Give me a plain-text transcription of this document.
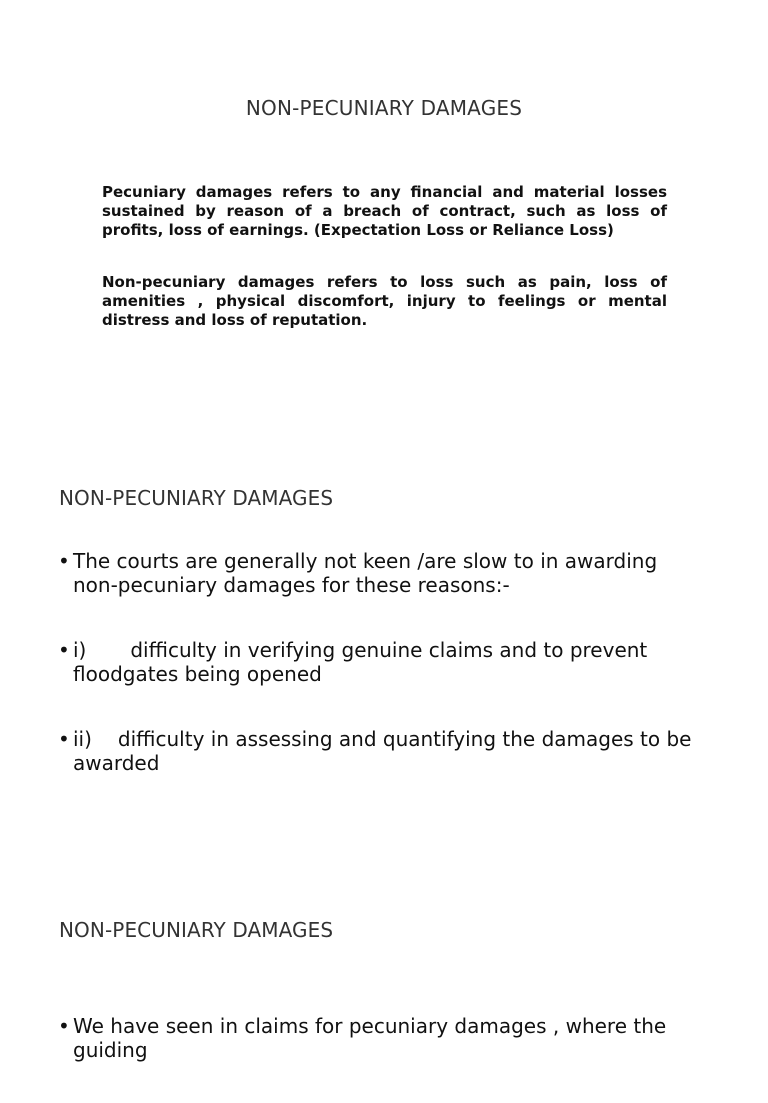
NON-PECUNIARY DAMAGES

Pecuniary damages refers to any financial and material losses sustained by reason of a breach of contract, such as loss of profits, loss of earnings. (Expectation Loss or Reliance Loss)

Non-pecuniary damages refers to loss such as pain, loss of amenities , physical discomfort, injury to feelings or mental distress and loss of reputation.

NON-PECUNIARY DAMAGES
• The courts are generally not keen /are slow to in awarding non-pecuniary damages for these reasons:-
• i) difficulty in verifying genuine claims and to prevent floodgates being opened
• ii) difficulty in assessing and quantifying the damages to be awarded
NON-PECUNIARY DAMAGES
• We have seen in claims for pecuniary damages , where the guiding
